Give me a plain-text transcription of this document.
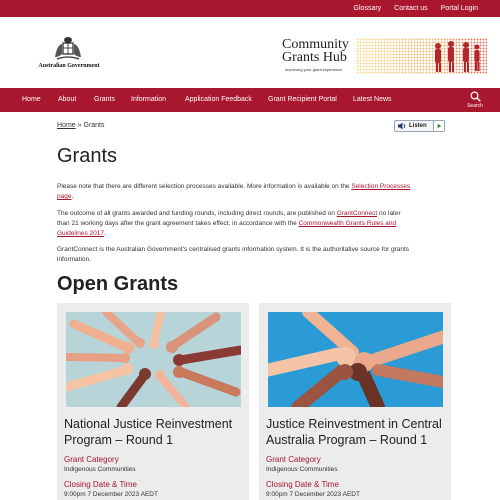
Glossary Contact us Portal Login
Australian Government
Community
Grants Hub
Improving your grant experience
Home About	Grants Information	Application Feedback Grant Recipient Portal Latest News
Search
Home » Grants	Listen
Grants
Please note that there are different selection processes available. More information is available on the Selection Processes
page.
The outcome of all grants awarded and funding rounds, including direct rounds, are published on GrantConnect no later
than 21 working days after the grant agreement takes effect, in accordance with the Commonwealth Grants Rules and
Guidelines 2017.
GrantConnect is the Australian Government's centralised grants information system. It is the authoritative source for grants information.
Open Grants
National Justice Reinvestment Program – Round 1
Grant Category
Indigenous Communities
Closing Date & Time
9:00pm 7 December 2023 AEDT
Justice Reinvestment in Central Australia Program – Round 1
Grant Category
Indigenous Communities
Closing Date & Time
9:00pm 7 December 2023 AEDT
